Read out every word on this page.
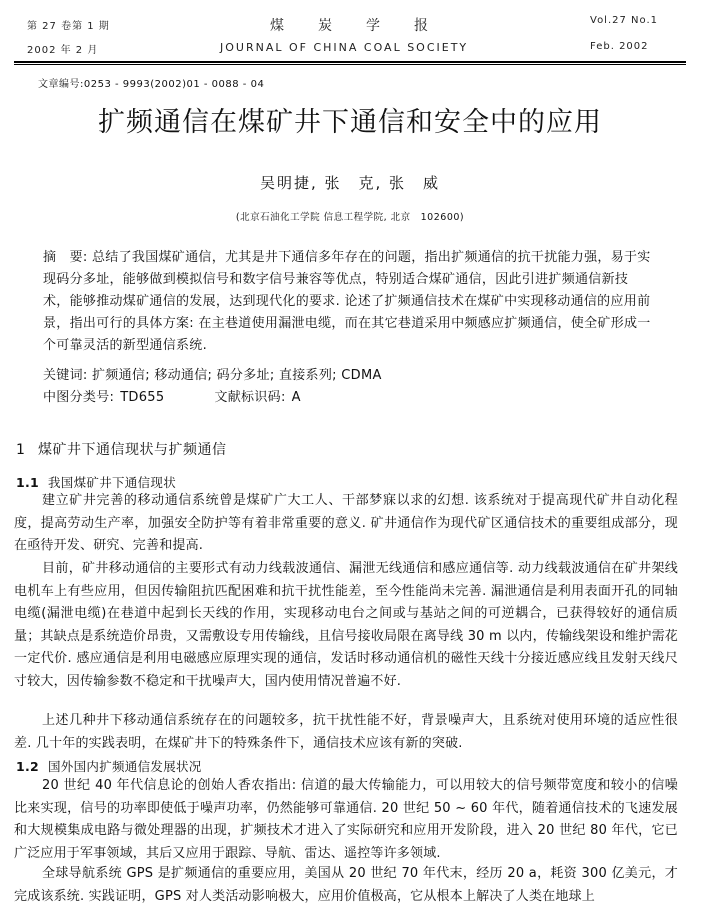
第 27 卷第 1 期
2002 年 2 月
煤　　炭　　学　　报
JOURNAL OF CHINA COAL SOCIETY
Vol.27 No.1
Feb. 2002
文章编号:0253 - 9993(2002)01 - 0088 - 04
扩频通信在煤矿井下通信和安全中的应用
吴明捷, 张　克, 张　威
(北京石油化工学院 信息工程学院, 北京　102600)
摘　要: 总结了我国煤矿通信，尤其是井下通信多年存在的问题，指出扩频通信的抗干扰能力强，易于实现码分多址，能够做到模拟信号和数字信号兼容等优点，特别适合煤矿通信，因此引进扩频通信新技术，能够推动煤矿通信的发展，达到现代化的要求. 论述了扩频通信技术在煤矿中实现移动通信的应用前景，指出可行的具体方案: 在主巷道使用漏泄电缆，而在其它巷道采用中频感应扩频通信，使全矿形成一个可靠灵活的新型通信系统.
关键词: 扩频通信; 移动通信; 码分多址; 直接系列; CDMA
中图分类号: TD655	文献标识码: A
1 煤矿井下通信现状与扩频通信
1.1 我国煤矿井下通信现状
建立矿井完善的移动通信系统曾是煤矿广大工人、干部梦寐以求的幻想. 该系统对于提高现代矿井自动化程度，提高劳动生产率，加强安全防护等有着非常重要的意义. 矿井通信作为现代矿区通信技术的重要组成部分，现在亟待开发、研究、完善和提高.
目前，矿井移动通信的主要形式有动力线载波通信、漏泄无线通信和感应通信等. 动力线载波通信在矿井架线电机车上有些应用，但因传输阻抗匹配困难和抗干扰性能差，至今性能尚未完善. 漏泄通信是利用表面开孔的同轴电缆(漏泄电缆)在巷道中起到长天线的作用，实现移动电台之间或与基站之间的可逆耦合，已获得较好的通信质量；其缺点是系统造价昂贵，又需敷设专用传输线，且信号接收局限在离导线 30 m 以内，传输线架设和维护需花一定代价. 感应通信是利用电磁感应原理实现的通信，发话时移动通信机的磁性天线十分接近感应线且发射天线尺寸较大，因传输参数不稳定和干扰噪声大，国内使用情况普遍不好.
上述几种井下移动通信系统存在的问题较多，抗干扰性能不好，背景噪声大，且系统对使用环境的适应性很差. 几十年的实践表明，在煤矿井下的特殊条件下，通信技术应该有新的突破.
1.2 国外国内扩频通信发展状况
20 世纪 40 年代信息论的创始人香农指出: 信道的最大传输能力，可以用较大的信号频带宽度和较小的信噪比来实现，信号的功率即使低于噪声功率，仍然能够可靠通信. 20 世纪 50 ~ 60 年代，随着通信技术的飞速发展和大规模集成电路与微处理器的出现，扩频技术才进入了实际研究和应用开发阶段，进入 20 世纪 80 年代，它已广泛应用于军事领域，其后又应用于跟踪、导航、雷达、遥控等许多领域.
全球导航系统 GPS 是扩频通信的重要应用，美国从 20 世纪 70 年代末，经历 20 a，耗资 300 亿美元，才完成该系统. 实践证明，GPS 对人类活动影响极大，应用价值极高，它从根本上解决了人类在地球上
